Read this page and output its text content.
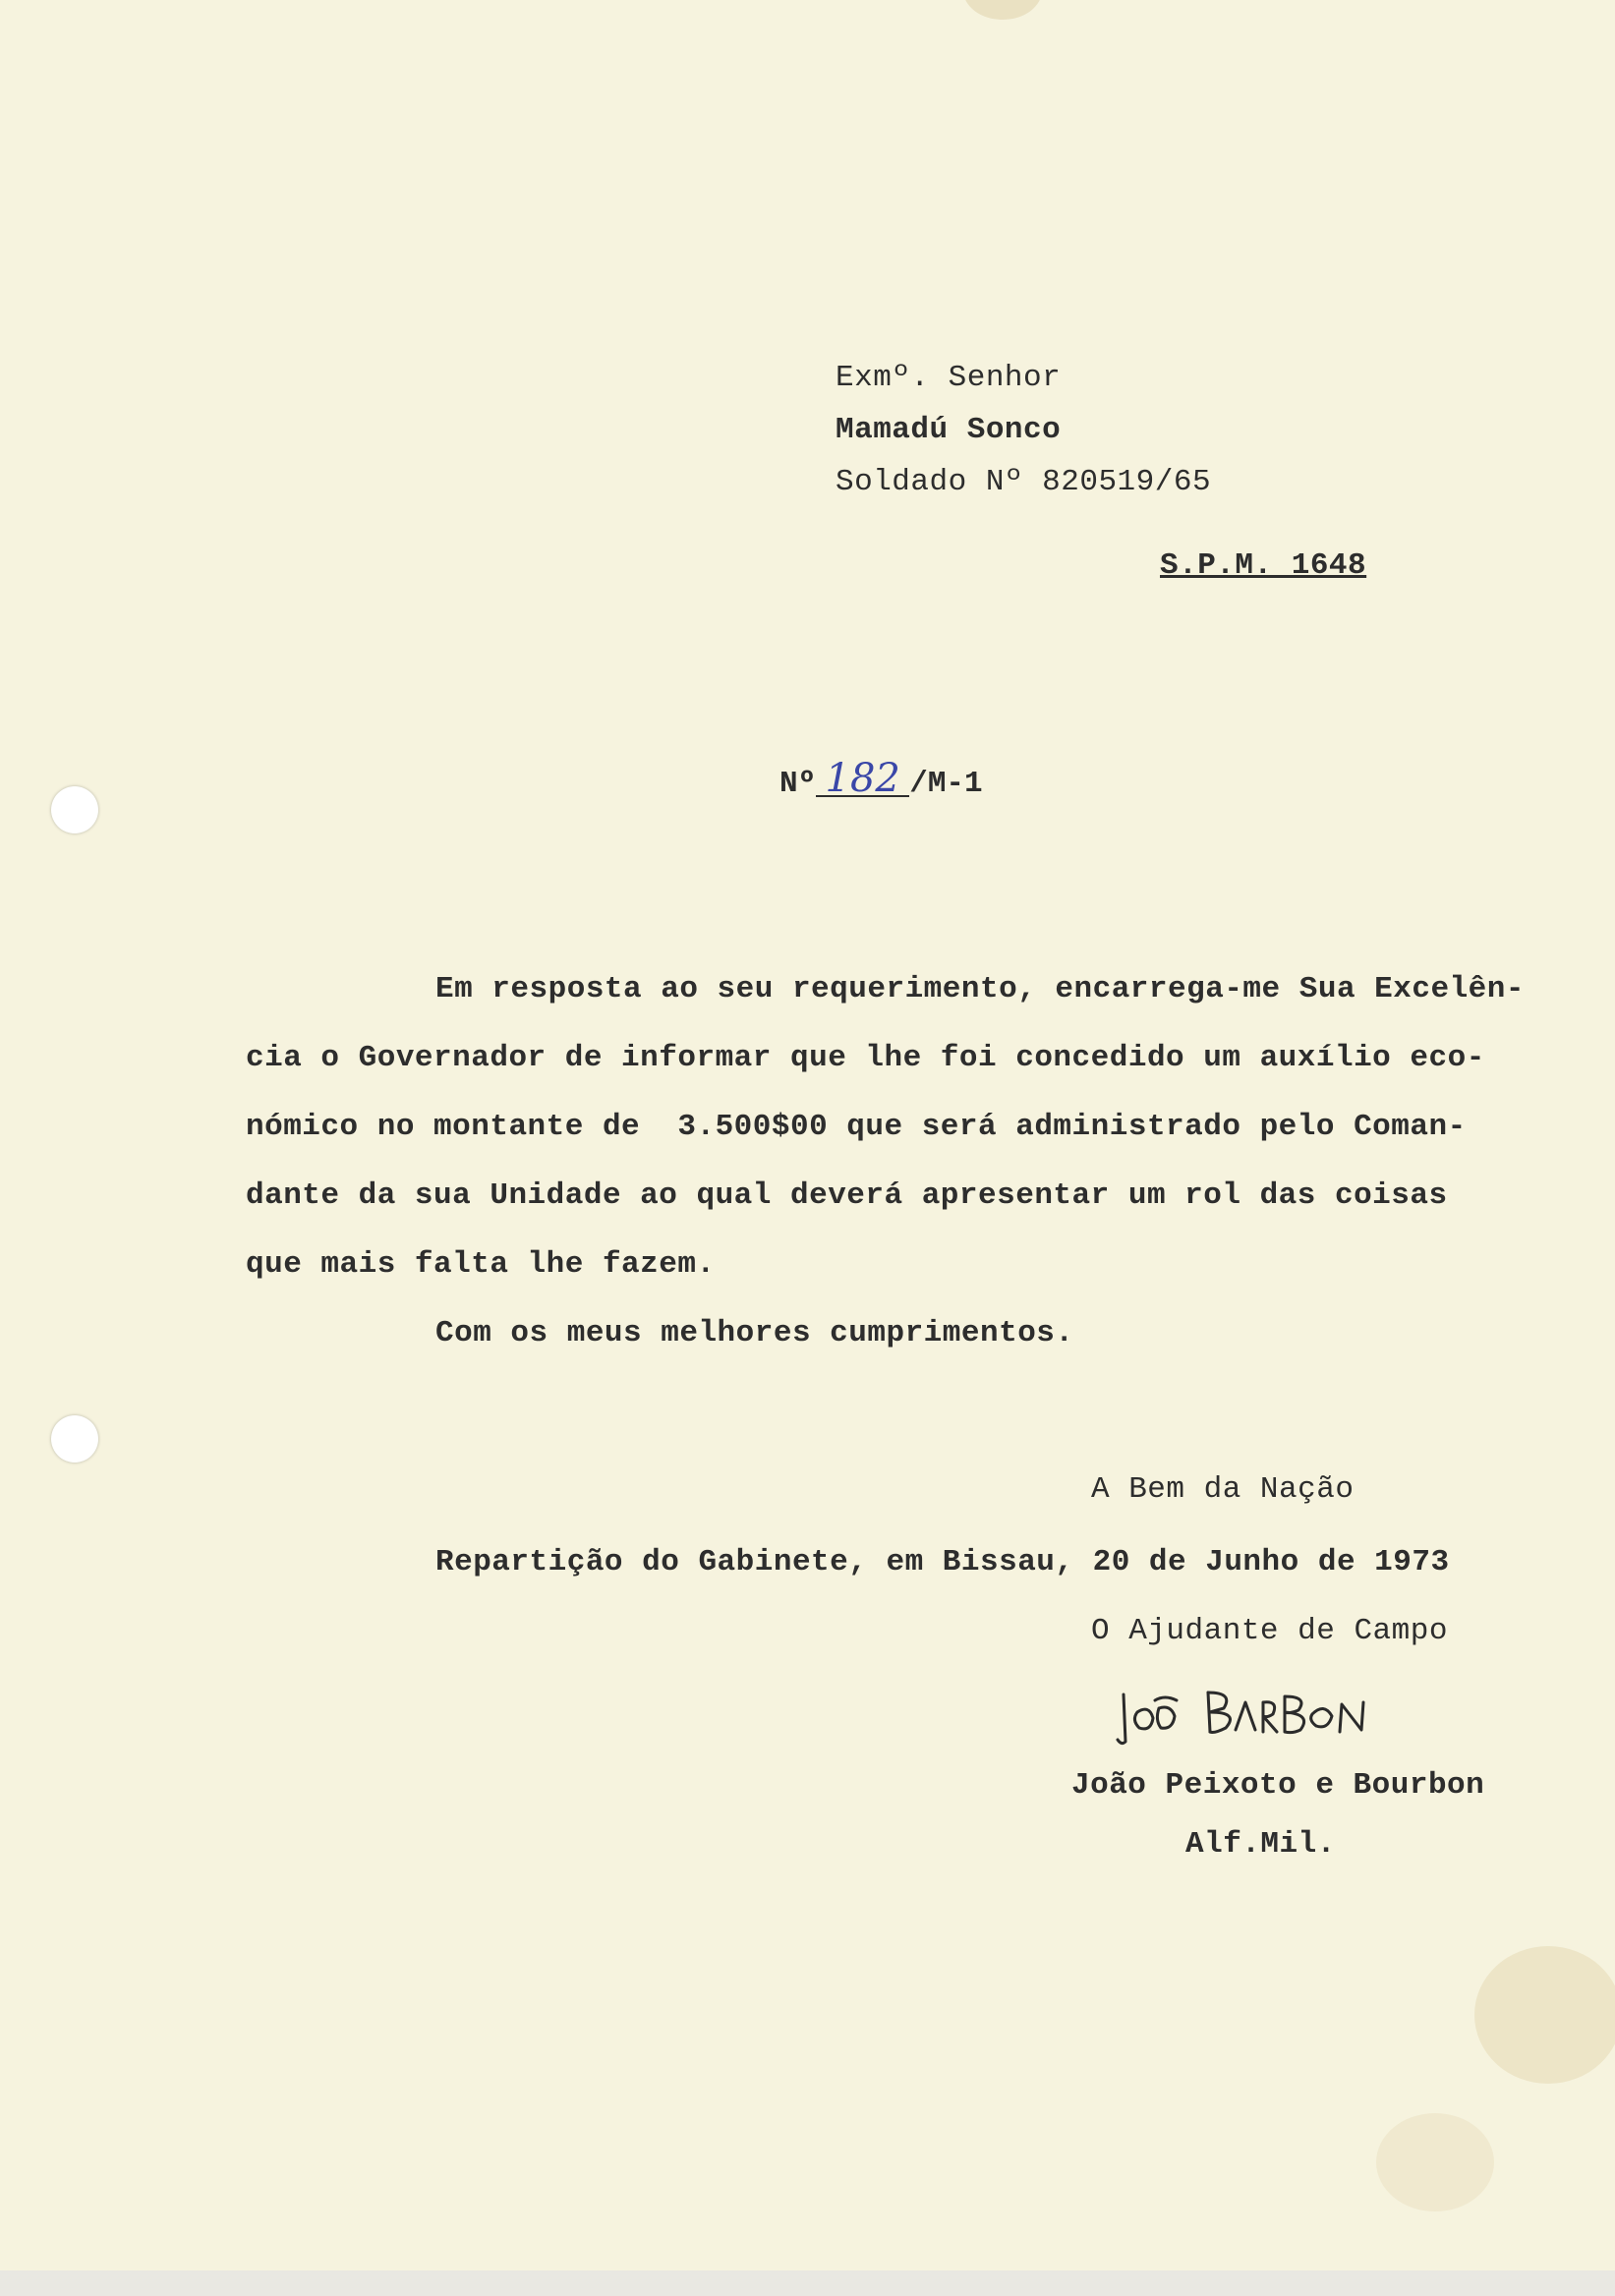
Exmº. Senhor
Mamadú Sonco
Soldado Nº 820519/65
S.P.M. 1648
Nº 182 /M-1
Em resposta ao seu requerimento, encarrega-me Sua Excelên-
cia o Governador de informar que lhe foi concedido um auxílio eco-
nómico no montante de  3.500$00 que será administrado pelo Coman-
dante da sua Unidade ao qual deverá apresentar um rol das coisas
que mais falta lhe fazem.
Com os meus melhores cumprimentos.
A Bem da Nação
Repartição do Gabinete, em Bissau, 20 de Junho de 1973
O Ajudante de Campo
João Peixoto e Bourbon
Alf.Mil.
